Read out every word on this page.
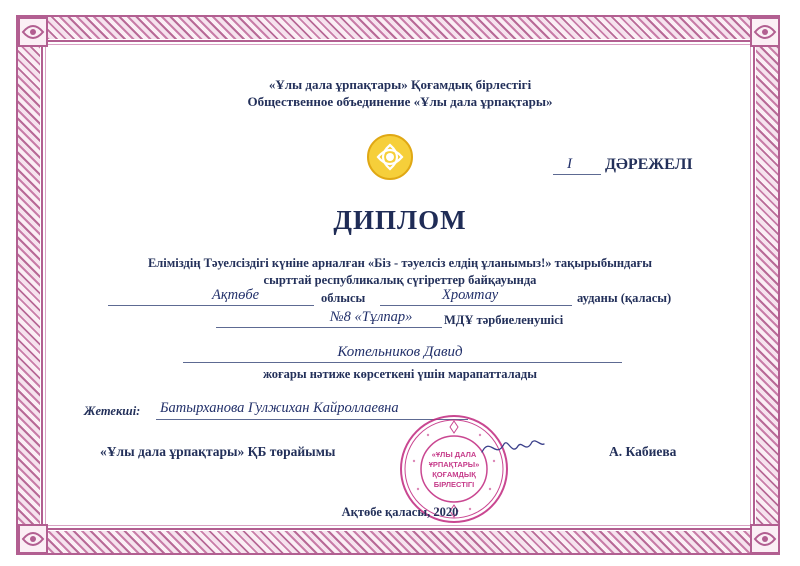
«Ұлы дала ұрпақтары» Қоғамдық бірлестігі
Общественное объединение «Ұлы дала ұрпақтары»
I ДӘРЕЖЕЛІ
ДИПЛОМ
Еліміздің Тәуелсіздігі күніне арналған «Біз - тәуелсіз елдің ұланымыз!» тақырыбындағы
сырттай республикалық сүгіреттер байқауында
Ақтөбе	облысы	Хромтау	ауданы (қаласы)
№8 «Тұлпар»	МДҰ тәрбиеленушісі
Котельников Давид
жоғары нәтиже көрсеткені үшін марапатталады
Жетекші: Батырханова Гулжихан Кайроллаевна
«ҰЛЫ ДАЛА
ҰРПАҚТАРЫ»
ҚОҒАМДЫҚ
БІРЛЕСТІГІ
«Ұлы дала ұрпақтары» ҚБ төрайымы	А. Кабиева
Ақтөбе қаласы, 2020
